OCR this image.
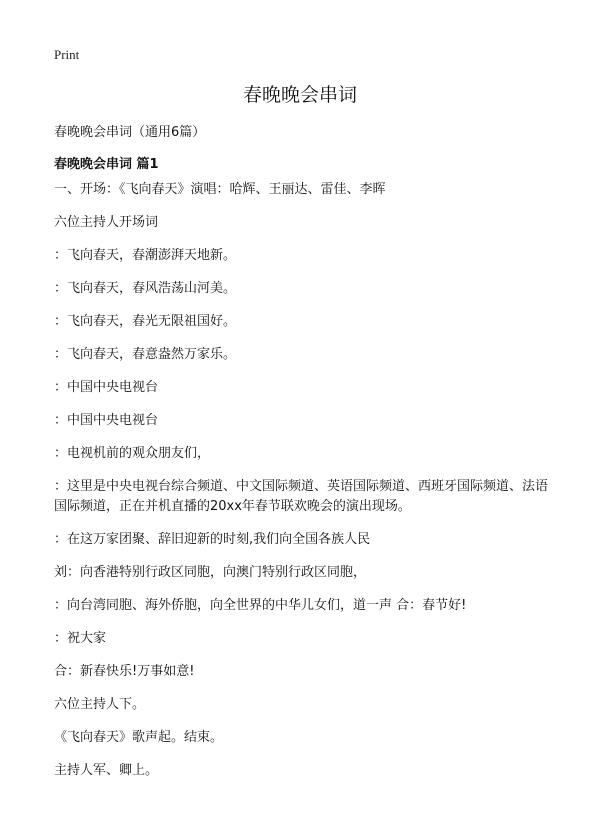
Print
春晚晚会串词
春晚晚会串词（通用6篇）
春晚晚会串词 篇1

一、开场：《飞向春天》演唱：哈辉、王丽达、雷佳、李晖

六位主持人开场词

：飞向春天，春潮澎湃天地新。

：飞向春天，春风浩荡山河美。

：飞向春天，春光无限祖国好。

：飞向春天，春意盎然万家乐。

：中国中央电视台

：中国中央电视台

：电视机前的观众朋友们，

：这里是中央电视台综合频道、中文国际频道、英语国际频道、西班牙国际频道、法语国际频道，正在并机直播的20xx年春节联欢晚会的演出现场。

：在这万家团聚、辞旧迎新的时刻,我们向全国各族人民

刘：向香港特别行政区同胞，向澳门特别行政区同胞，

：向台湾同胞、海外侨胞，向全世界的中华儿女们，道一声 合：春节好!

：祝大家

合：新春快乐!万事如意!

六位主持人下。

《飞向春天》歌声起。结束。

主持人军、卿上。
